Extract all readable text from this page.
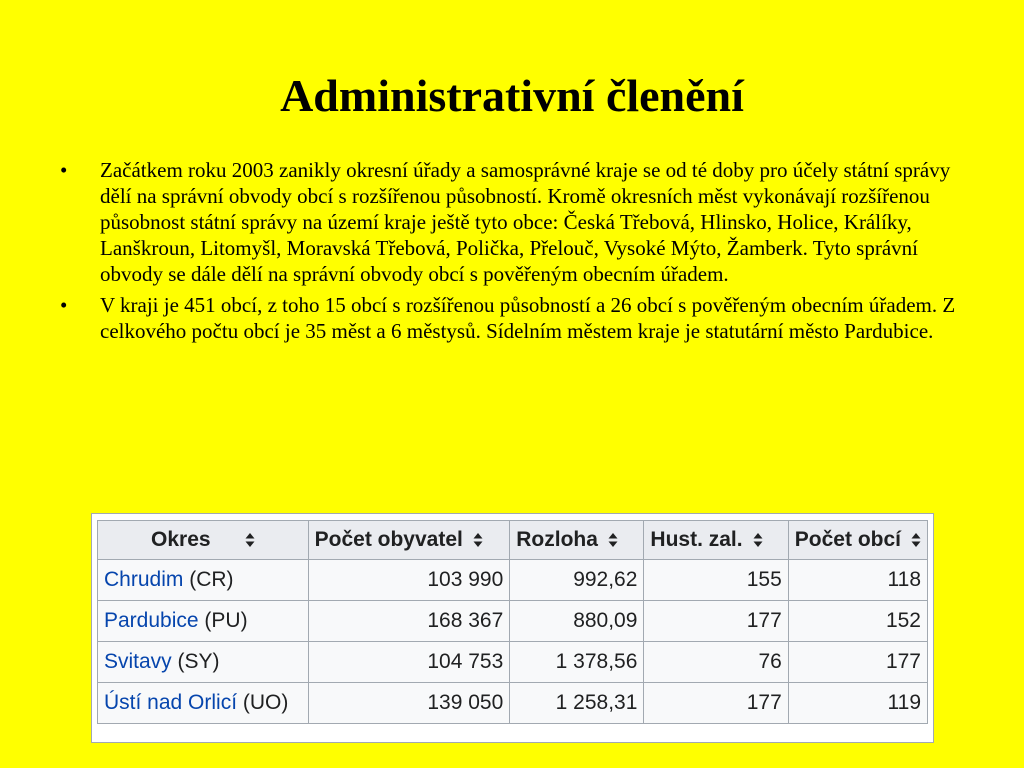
Administrativní členění
• Začátkem roku 2003 zanikly okresní úřady a samosprávné kraje se od té doby pro účely státní správy dělí na správní obvody obcí s rozšířenou působností. Kromě okresních měst vykonávají rozšířenou působnost státní správy na území kraje ještě tyto obce: Česká Třebová, Hlinsko, Holice, Králíky, Lanškroun, Litomyšl, Moravská Třebová, Polička, Přelouč, Vysoké Mýto, Žamberk. Tyto správní obvody se dále dělí na správní obvody obcí s pověřeným obecním úřadem.
• V kraji je 451 obcí, z toho 15 obcí s rozšířenou působností a 26 obcí s pověřeným obecním úřadem. Z celkového počtu obcí je 35 měst a 6 městysů. Sídelním městem kraje je statutární město Pardubice.
Okres	Počet obyvatel	Rozloha	Hust. zal.	Počet obcí
Chrudim (CR)	103 990	992,62	155	118
Pardubice (PU)	168 367	880,09	177	152
Svitavy (SY)	104 753	1 378,56	76	177
Ústí nad Orlicí (UO)	139 050	1 258,31	177	119
